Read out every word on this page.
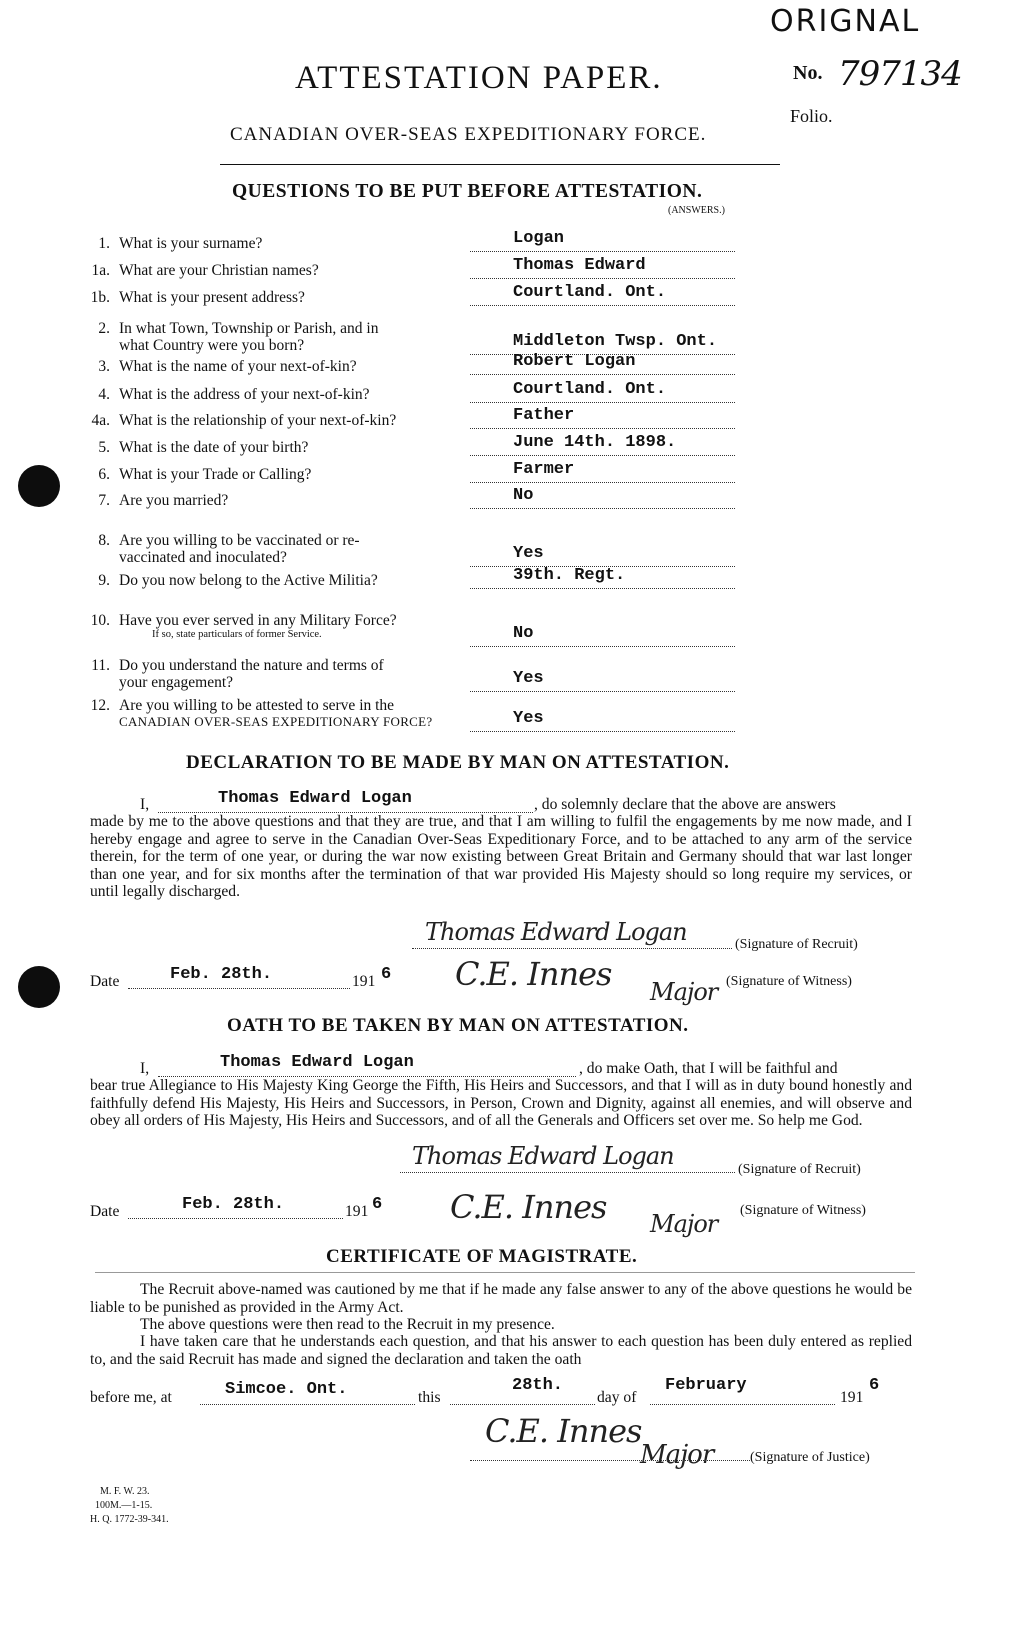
ORIGNAL
No. 797134
Folio.
ATTESTATION PAPER.
CANADIAN OVER-SEAS EXPEDITIONARY FORCE.
QUESTIONS TO BE PUT BEFORE ATTESTATION.
(ANSWERS.)
1. What is your surname?	Logan
1a. What are your Christian names?	Thomas Edward
1b. What is your present address?	Courtland. Ont.
2. In what Town, Township or Parish, and in
what Country were you born?	Middleton Twsp. Ont.
3. What is the name of your next-of-kin?	Robert Logan
4. What is the address of your next-of-kin?	Courtland. Ont.
4a. What is the relationship of your next-of-kin?	Father
5. What is the date of your birth?	June 14th. 1898.
6. What is your Trade or Calling?	Farmer
7. Are you married?	No
8. Are you willing to be vaccinated or re-
vaccinated and inoculated?	Yes
9. Do you now belong to the Active Militia?	39th. Regt.
10. Have you ever served in any Military Force?
If so, state particulars of former Service.	No
11. Do you understand the nature and terms of
your engagement?	Yes
12. Are you willing to be attested to serve in the
CANADIAN OVER-SEAS EXPEDITIONARY FORCE?	Yes
DECLARATION TO BE MADE BY MAN ON ATTESTATION.
I,	Thomas Edward Logan	, do solemnly declare that the above are answers
made by me to the above questions and that they are true, and that I am willing to fulfil the engagements by me now made, and I hereby engage and agree to serve in the Canadian Over-Seas Expeditionary Force, and to be attached to any arm of the service therein, for the term of one year, or during the war now existing between Great Britain and Germany should that war last longer than one year, and for six months after the termination of that war provided His Majesty should so long require my services, or until legally discharged.
Thomas Edward Logan	(Signature of Recruit)
Date	Feb. 28th.	191 6 C.E. Innes Major (Signature of Witness)
OATH TO BE TAKEN BY MAN ON ATTESTATION.
I,	Thomas Edward Logan	, do make Oath, that I will be faithful and
bear true Allegiance to His Majesty King George the Fifth, His Heirs and Successors, and that I will as in duty bound honestly and faithfully defend His Majesty, His Heirs and Successors, in Person, Crown and Dignity, against all enemies, and will observe and obey all orders of His Majesty, His Heirs and Successors, and of all the Generals and Officers set over me. So help me God.
Thomas Edward Logan	(Signature of Recruit)
Date	Feb. 28th.	191 6 C.E. Innes Major (Signature of Witness)
CERTIFICATE OF MAGISTRATE.
The Recruit above-named was cautioned by me that if he made any false answer to any of the above questions he would be liable to be punished as provided in the Army Act.
The above questions were then read to the Recruit in my presence.
I have taken care that he understands each question, and that his answer to each question has been duly entered as replied to, and the said Recruit has made and signed the declaration and taken the oath
before me, at	Simcoe. Ont.	this
28th.
day of
February
191
6
C.E. Innes
Major	(Signature of Justice)
M. F. W. 23.
100M.—1-15.
H. Q. 1772-39-341.
